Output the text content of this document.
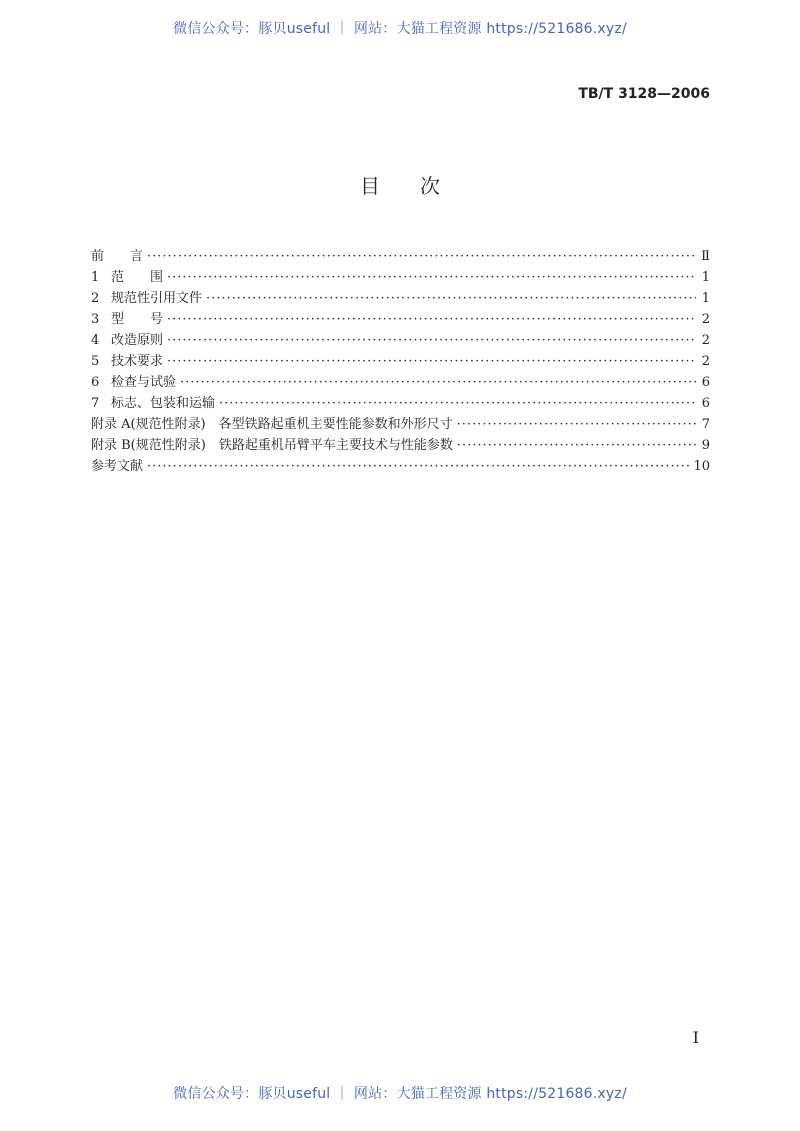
微信公众号：豚贝useful ｜ 网站：大猫工程资源 https://521686.xyz/
TB/T 3128—2006
目次
前　　言 ·····	Ⅱ
1 范　　围 ·····	1
2 规范性引用文件 ·····	1
3 型　　号 ·····	2
4 改造原则 ·····	2
5 技术要求 ·····	2
6 检查与试验 ·····	6
7 标志、包装和运输 ·····	6
附录 A(规范性附录)　各型铁路起重机主要性能参数和外形尺寸 ·····	7
附录 B(规范性附录)　铁路起重机吊臂平车主要技术与性能参数 ·····	9
参考文献 ·····	10
Ⅰ
微信公众号：豚贝useful ｜ 网站：大猫工程资源 https://521686.xyz/
